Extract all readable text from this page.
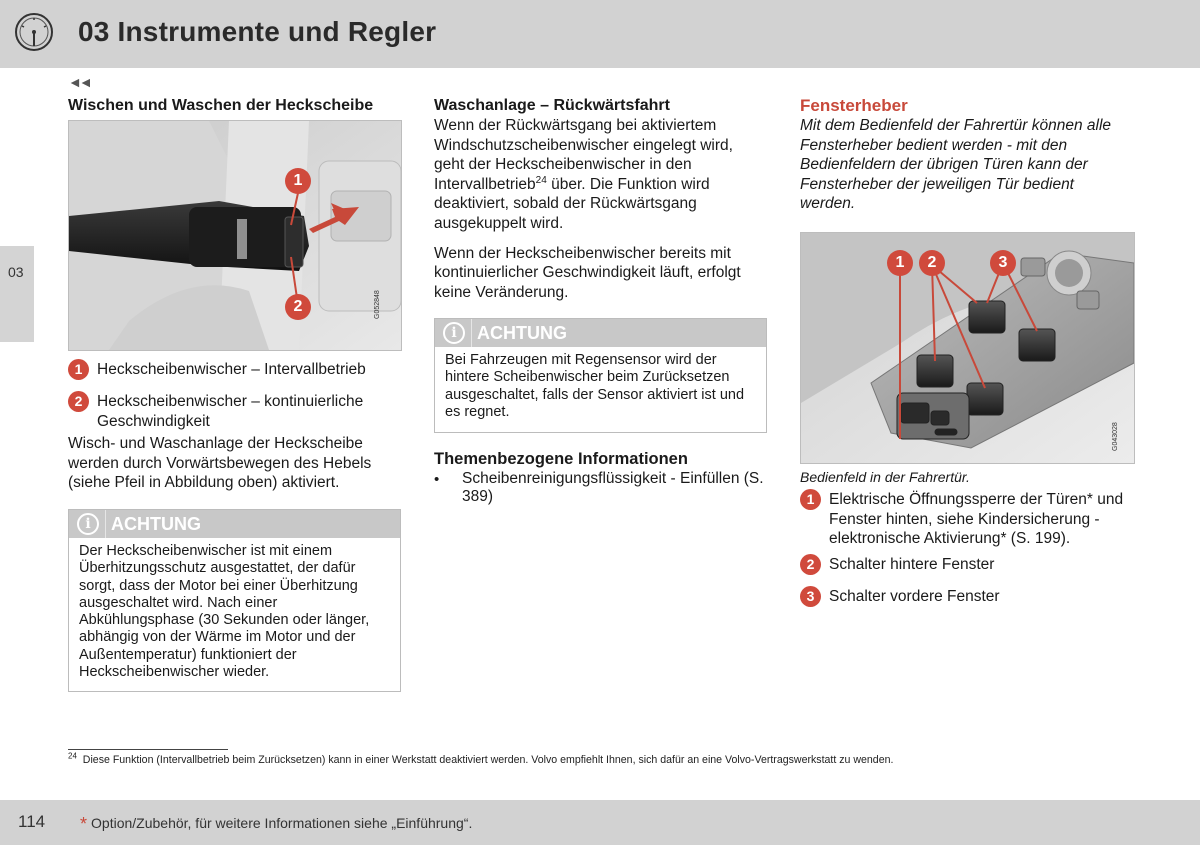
03 Instrumente und Regler
03
◄◄
Wischen und Waschen der Heckscheibe
1
2	G052848
1 Heckscheibenwischer – Intervallbetrieb
2 Heckscheibenwischer – kontinuierliche Geschwindigkeit

Wisch- und Waschanlage der Heckscheibe werden durch Vorwärtsbewegen des Hebels (siehe Pfeil in Abbildung oben) aktiviert.

i	ACHTUNG

Der Heckscheibenwischer ist mit einem Überhitzungsschutz ausgestattet, der dafür sorgt, dass der Motor bei einer Überhitzung ausgeschaltet wird. Nach einer Abkühlungsphase (30 Sekunden oder länger, abhängig von der Wärme im Motor und der Außentemperatur) funktioniert der Heckscheibenwischer wieder.

Waschanlage – Rückwärtsfahrt

Wenn der Rückwärtsgang bei aktiviertem Windschutzscheibenwischer eingelegt wird, geht der Heckscheibenwischer in den Intervallbetrieb$^{24}$ über. Die Funktion wird deaktiviert, sobald der Rückwärtsgang ausgekuppelt wird.

Wenn der Heckscheibenwischer bereits mit kontinuierlicher Geschwindigkeit läuft, erfolgt keine Veränderung.

i	ACHTUNG

Bei Fahrzeugen mit Regensensor wird der hintere Scheibenwischer beim Zurücksetzen ausgeschaltet, falls der Sensor aktiviert ist und es regnet.

Themenbezogene Informationen
•	Scheibenreinigungsflüssigkeit - Einfüllen (S. 389)
Fensterheber

Mit dem Bedienfeld der Fahrertür können alle Fensterheber bedient werden - mit den Bedienfeldern der übrigen Türen kann der Fensterheber der jeweiligen Tür bedient werden.

1	2	3
G043028
Bedienfeld in der Fahrertür.
1 Elektrische Öffnungssperre der Türen* und Fenster hinten, siehe Kindersicherung - elektronische Aktivierung* (S. 199).
2 Schalter hintere Fenster
3 Schalter vordere Fenster
$^{24}$ Diese Funktion (Intervallbetrieb beim Zurücksetzen) kann in einer Werkstatt deaktiviert werden. Volvo empfiehlt Ihnen, sich dafür an eine Volvo-Vertragswerkstatt zu wenden.
114 * Option/Zubehör, für weitere Informationen siehe „Einführung“.
